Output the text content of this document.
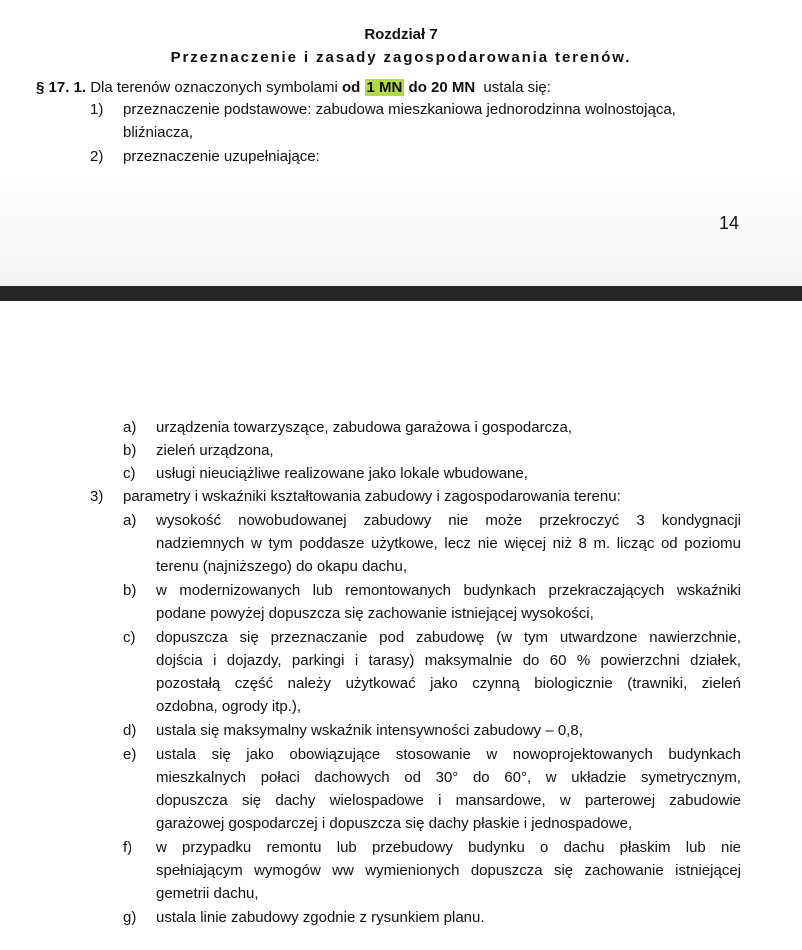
Rozdział 7
Przeznaczenie i zasady zagospodarowania terenów.
§ 17. 1. Dla terenów oznaczonych symbolami od 1 MN do 20 MN ustala się:
1) przeznaczenie podstawowe: zabudowa mieszkaniowa jednorodzinna wolnostojąca,
bliźniacza,
2) przeznaczenie uzupełniające:
14
a) urządzenia towarzyszące, zabudowa garażowa i gospodarcza,
b) zieleń urządzona,
c) usługi nieuciążliwe realizowane jako lokale wbudowane,
3) parametry i wskaźniki kształtowania zabudowy i zagospodarowania terenu:
a) wysokość nowobudowanej zabudowy nie może przekroczyć 3 kondygnacji
nadziemnych w tym poddasze użytkowe, lecz nie więcej niż 8 m. licząc od poziomu
terenu (najniższego) do okapu dachu,
b) w modernizowanych lub remontowanych budynkach przekraczających wskaźniki
podane powyżej dopuszcza się zachowanie istniejącej wysokości,
c) dopuszcza się przeznaczanie pod zabudowę (w tym utwardzone nawierzchnie,
dojścia i dojazdy, parkingi i tarasy) maksymalnie do 60 % powierzchni działek,
pozostałą część należy użytkować jako czynną biologicznie (trawniki, zieleń
ozdobna, ogrody itp.),
d) ustala się maksymalny wskaźnik intensywności zabudowy – 0,8,
e) ustala się jako obowiązujące stosowanie w nowoprojektowanych budynkach
mieszkalnych połaci dachowych od 30° do 60°, w układzie symetrycznym,
dopuszcza się dachy wielospadowe i mansardowe, w parterowej zabudowie
garażowej gospodarczej i dopuszcza się dachy płaskie i jednospadowe,
f) w przypadku remontu lub przebudowy budynku o dachu płaskim lub nie
spełniającym wymogów ww wymienionych dopuszcza się zachowanie istniejącej
gemetrii dachu,
g) ustala linie zabudowy zgodnie z rysunkiem planu.
